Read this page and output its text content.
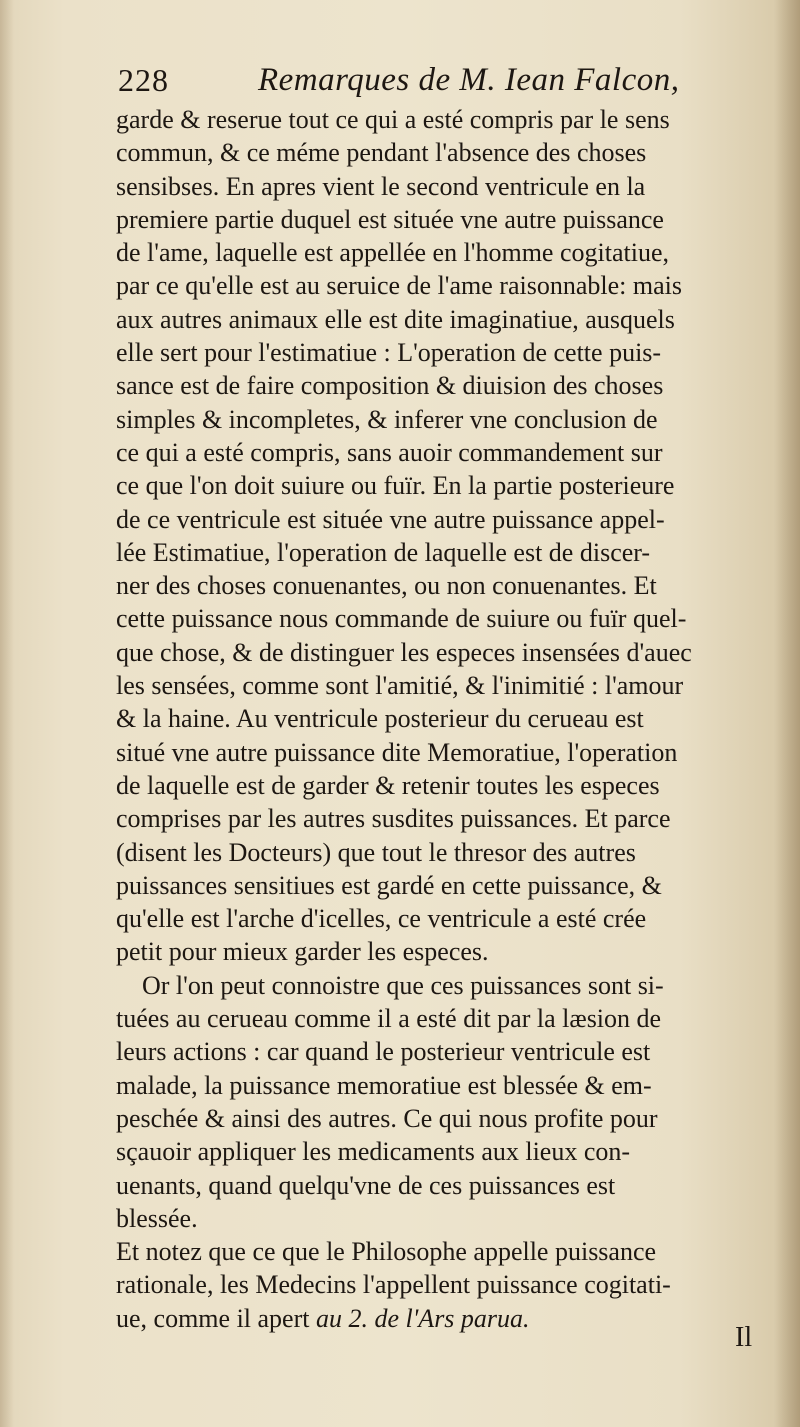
228	Remarques de M. Iean Falcon,
garde & reserue tout ce qui a esté compris par le sens
commun, & ce méme pendant l'absence des choses
sensibses. En apres vient le second ventricule en la
premiere partie duquel est située vne autre puissance
de l'ame, laquelle est appellée en l'homme cogitatiue,
par ce qu'elle est au seruice de l'ame raisonnable: mais
aux autres animaux elle est dite imaginatiue, ausquels
elle sert pour l'estimatiue : L'operation de cette puis-
sance est de faire composition & diuision des choses
simples & incompletes, & inferer vne conclusion de
ce qui a esté compris, sans auoir commandement sur
ce que l'on doit suiure ou fuïr. En la partie posterieure
de ce ventricule est située vne autre puissance appel-
lée Estimatiue, l'operation de laquelle est de discer-
ner des choses conuenantes, ou non conuenantes. Et
cette puissance nous commande de suiure ou fuïr quel-
que chose, & de distinguer les especes insensées d'auec
les sensées, comme sont l'amitié, & l'inimitié : l'amour
& la haine. Au ventricule posterieur du cerueau est
situé vne autre puissance dite Memoratiue, l'operation
de laquelle est de garder & retenir toutes les especes
comprises par les autres susdites puissances. Et parce
(disent les Docteurs) que tout le thresor des autres
puissances sensitiues est gardé en cette puissance, &
qu'elle est l'arche d'icelles, ce ventricule a esté crée
petit pour mieux garder les especes.
Or l'on peut connoistre que ces puissances sont si-
tuées au cerueau comme il a esté dit par la læsion de
leurs actions : car quand le posterieur ventricule est
malade, la puissance memoratiue est blessée & em-
peschée & ainsi des autres. Ce qui nous profite pour
sçauoir appliquer les medicaments aux lieux con-
uenants, quand quelqu'vne de ces puissances est
blessée.
Et notez que ce que le Philosophe appelle puissance
rationale, les Medecins l'appellent puissance cogitati-
ue, comme il apert au 2. de l'Ars parua.
Il
